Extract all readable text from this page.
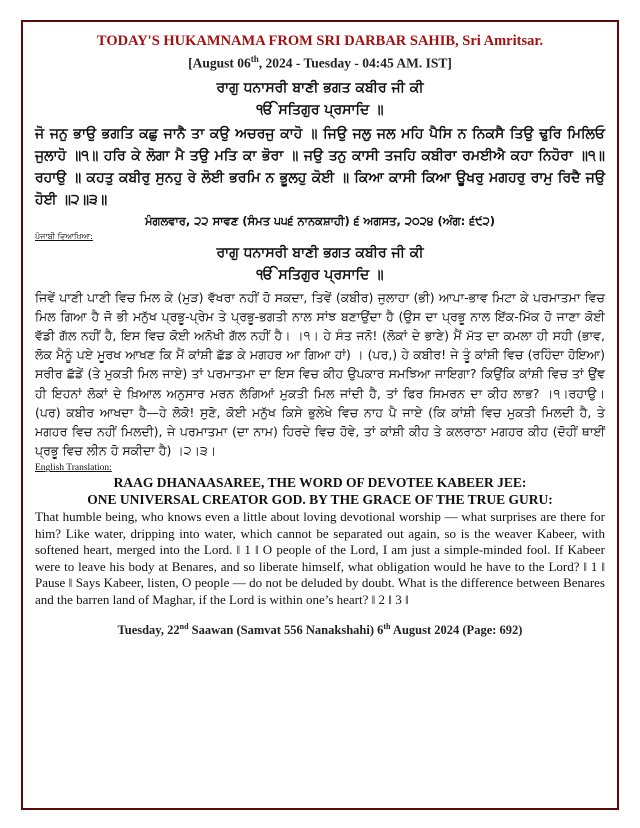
TODAY'S HUKAMNAMA FROM SRI DARBAR SAHIB, Sri Amritsar.

[August 06th, 2024 - Tuesday - 04:45 AM. IST]

ਰਾਗੁ ਧਨਾਸਰੀ ਬਾਣੀ ਭਗਤ ਕਬੀਰ ਜੀ ਕੀ

ੴ ਸਤਿਗੁਰ ਪ੍ਰਸਾਦਿ ॥

ਜੋ ਜਨੁ ਭਾਉ ਭਗਤਿ ਕਛੁ ਜਾਨੈ ਤਾ ਕਉ ਅਚਰਜੁ ਕਾਹੋ ॥ ਜਿਉ ਜਲੁ ਜਲ ਮਹਿ ਪੈਸਿ ਨ ਨਿਕਸੈ ਤਿਉ ਢੁਰਿ ਮਿਲਿਓ ਜੁਲਾਹੋ ॥੧॥ ਹਰਿ ਕੇ ਲੋਗਾ ਮੈ ਤਉ ਮਤਿ ਕਾ ਭੋਰਾ ॥ ਜਉ ਤਨੁ ਕਾਸੀ ਤਜਹਿ ਕਬੀਰਾ ਰਮਈਐ ਕਹਾ ਨਿਹੋਰਾ ॥੧॥ ਰਹਾਉ ॥ ਕਹਤੁ ਕਬੀਰੁ ਸੁਨਹੁ ਰੇ ਲੋਈ ਭਰਮਿ ਨ ਭੂਲਹੁ ਕੋਈ ॥ ਕਿਆ ਕਾਸੀ ਕਿਆ ਊਖਰੁ ਮਗਹਰੁ ਰਾਮੁ ਰਿਦੈ ਜਉ ਹੋਈ ॥੨॥੩॥

ਮੰਗਲਵਾਰ, ੨੨ ਸਾਵਣ (ਸੰਮਤ ੫੫੬ ਨਾਨਕਸ਼ਾਹੀ) ੬ ਅਗਸਤ, ੨੦੨੪ (ਅੰਗ: ੬੯੨)

ਪੰਜਾਬੀ ਵਿਆਖਿਆ:

ਰਾਗੁ ਧਨਾਸਰੀ ਬਾਣੀ ਭਗਤ ਕਬੀਰ ਜੀ ਕੀ

ੴ ਸਤਿਗੁਰ ਪ੍ਰਸਾਦਿ ॥

ਜਿਵੇਂ ਪਾਣੀ ਪਾਣੀ ਵਿਚ ਮਿਲ ਕੇ (ਮੁੜ) ਵੱਖਰਾ ਨਹੀਂ ਹੋ ਸਕਦਾ, ਤਿਵੇਂ (ਕਬੀਰ) ਜੁਲਾਹਾ (ਭੀ) ਆਪਾ-ਭਾਵ ਮਿਟਾ ਕੇ ਪਰਮਾਤਮਾ ਵਿਚ ਮਿਲ ਗਿਆ ਹੈ ਜੋ ਭੀ ਮਨੁੱਖ ਪ੍ਰਭੂ-ਪ੍ਰੇਮ ਤੇ ਪ੍ਰਭੂ-ਭਗਤੀ ਨਾਲ ਸਾਂਝ ਬਣਾਉਂਦਾ ਹੈ (ਉਸ ਦਾ ਪ੍ਰਭੂ ਨਾਲ ਇੱਕ-ਮਿੱਕ ਹੋ ਜਾਣਾ ਕੋਈ ਵੱਡੀ ਗੱਲ ਨਹੀਂ ਹੈ, ਇਸ ਵਿਚ ਕੋਈ ਅਨੋਖੀ ਗੱਲ ਨਹੀਂ ਹੈ। ।੧। ਹੇ ਸੰਤ ਜਨੋ! (ਲੋਕਾਂ ਦੇ ਭਾਣੇ) ਮੈਂ ਮੱਤ ਦਾ ਕਮਲਾ ਹੀ ਸਹੀ (ਭਾਵ, ਲੋਕ ਮੈਨੂੰ ਪਏ ਮੂਰਖ ਆਖਣ ਕਿ ਮੈਂ ਕਾਂਸ਼ੀ ਛੱਡ ਕੇ ਮਗਹਰ ਆ ਗਿਆ ਹਾਂ) । (ਪਰ,) ਹੇ ਕਬੀਰ! ਜੇ ਤੂੰ ਕਾਂਸ਼ੀ ਵਿਚ (ਰਹਿੰਦਾ ਹੋਇਆ) ਸਰੀਰ ਛੱਡੇਂ (ਤੇ ਮੁਕਤੀ ਮਿਲ ਜਾਏ) ਤਾਂ ਪਰਮਾਤਮਾ ਦਾ ਇਸ ਵਿਚ ਕੀਹ ਉਪਕਾਰ ਸਮਝਿਆ ਜਾਇਗਾ? ਕਿਉਂਕਿ ਕਾਂਸ਼ੀ ਵਿਚ ਤਾਂ ਉਂਞ ਹੀ ਇਹਨਾਂ ਲੋਕਾਂ ਦੇ ਖ਼ਿਆਲ ਅਨੁਸਾਰ ਮਰਨ ਲੱਗਿਆਂ ਮੁਕਤੀ ਮਿਲ ਜਾਂਦੀ ਹੈ, ਤਾਂ ਫਿਰ ਸਿਮਰਨ ਦਾ ਕੀਹ ਲਾਭ? ।੧।ਰਹਾਉ। (ਪਰ) ਕਬੀਰ ਆਖਦਾ ਹੈ—ਹੇ ਲੋਕੋ! ਸੁਣੋ, ਕੋਈ ਮਨੁੱਖ ਕਿਸੇ ਭੁਲੇਖੇ ਵਿਚ ਨਾਹ ਪੈ ਜਾਏ (ਕਿ ਕਾਂਸ਼ੀ ਵਿਚ ਮੁਕਤੀ ਮਿਲਦੀ ਹੈ, ਤੇ ਮਗਹਰ ਵਿਚ ਨਹੀਂ ਮਿਲਦੀ), ਜੇ ਪਰਮਾਤਮਾ (ਦਾ ਨਾਮ) ਹਿਰਦੇ ਵਿਚ ਹੋਵੇ, ਤਾਂ ਕਾਂਸ਼ੀ ਕੀਹ ਤੇ ਕਲਰਾਠਾ ਮਗਹਰ ਕੀਹ (ਦੋਹੀਂ ਥਾਈਂ ਪ੍ਰਭੂ ਵਿਚ ਲੀਨ ਹੋ ਸਕੀਦਾ ਹੈ) ।੨।੩।

English Translation:

RAAG DHANAASAREE, THE WORD OF DEVOTEE KABEER JEE:

ONE UNIVERSAL CREATOR GOD. BY THE GRACE OF THE TRUE GURU:

That humble being, who knows even a little about loving devotional worship — what surprises are there for him? Like water, dripping into water, which cannot be separated out again, so is the weaver Kabeer, with softened heart, merged into the Lord. ‖ 1 ‖ O people of the Lord, I am just a simple-minded fool. If Kabeer were to leave his body at Benares, and so liberate himself, what obligation would he have to the Lord? ‖ 1 ‖ Pause ‖ Says Kabeer, listen, O people — do not be deluded by doubt. What is the difference between Benares and the barren land of Maghar, if the Lord is within one’s heart? ‖ 2 ‖ 3 ‖

Tuesday, 22nd Saawan (Samvat 556 Nanakshahi) 6th August 2024 (Page: 692)
